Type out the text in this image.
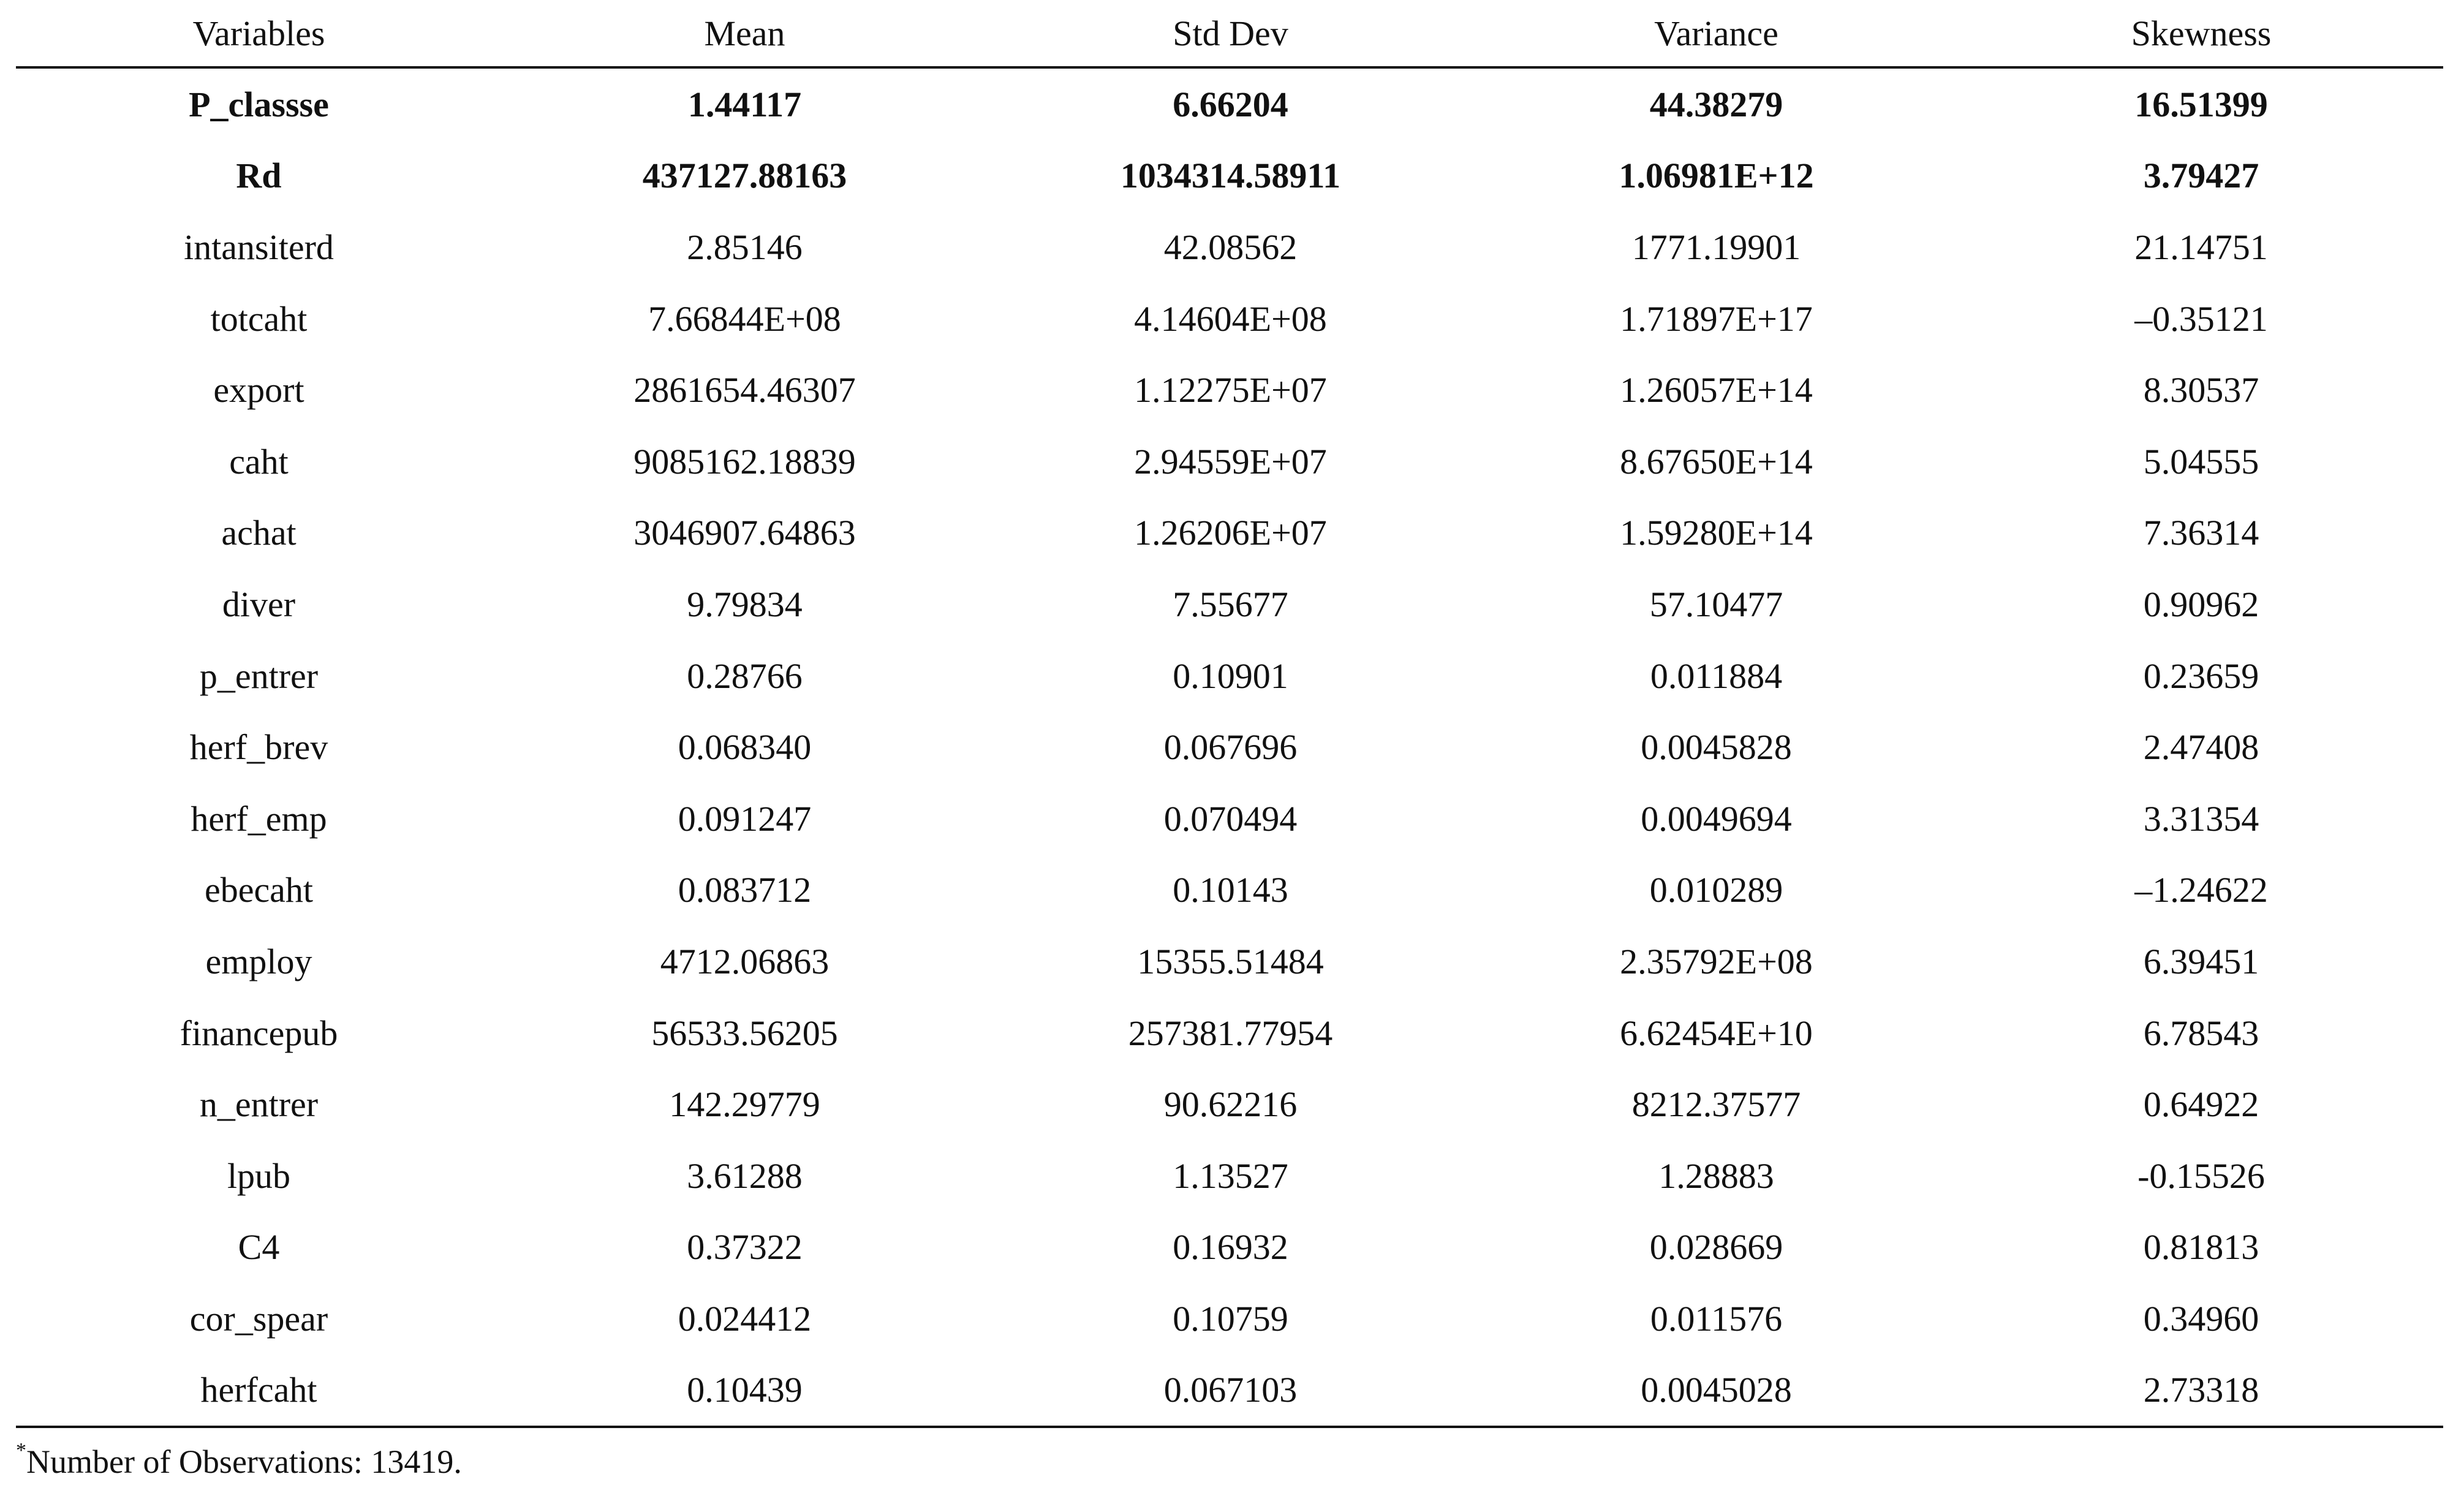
Variables	Mean	Std Dev	Variance	Skewness
P_classse	1.44117	6.66204	44.38279	16.51399
Rd	437127.88163	1034314.58911	1.06981E+12	3.79427
intansiterd	2.85146	42.08562	1771.19901	21.14751
totcaht	7.66844E+08	4.14604E+08	1.71897E+17	–0.35121
export	2861654.46307	1.12275E+07	1.26057E+14	8.30537
caht	9085162.18839	2.94559E+07	8.67650E+14	5.04555
achat	3046907.64863	1.26206E+07	1.59280E+14	7.36314
diver	9.79834	7.55677	57.10477	0.90962
p_entrer	0.28766	0.10901	0.011884	0.23659
herf_brev	0.068340	0.067696	0.0045828	2.47408
herf_emp	0.091247	0.070494	0.0049694	3.31354
ebecaht	0.083712	0.10143	0.010289	–1.24622
employ	4712.06863	15355.51484	2.35792E+08	6.39451
financepub	56533.56205	257381.77954	6.62454E+10	6.78543
n_entrer	142.29779	90.62216	8212.37577	0.64922
lpub	3.61288	1.13527	1.28883	-0.15526
C4	0.37322	0.16932	0.028669	0.81813
cor_spear	0.024412	0.10759	0.011576	0.34960
herfcaht	0.10439	0.067103	0.0045028	2.73318
*Number of Observations: 13419.
